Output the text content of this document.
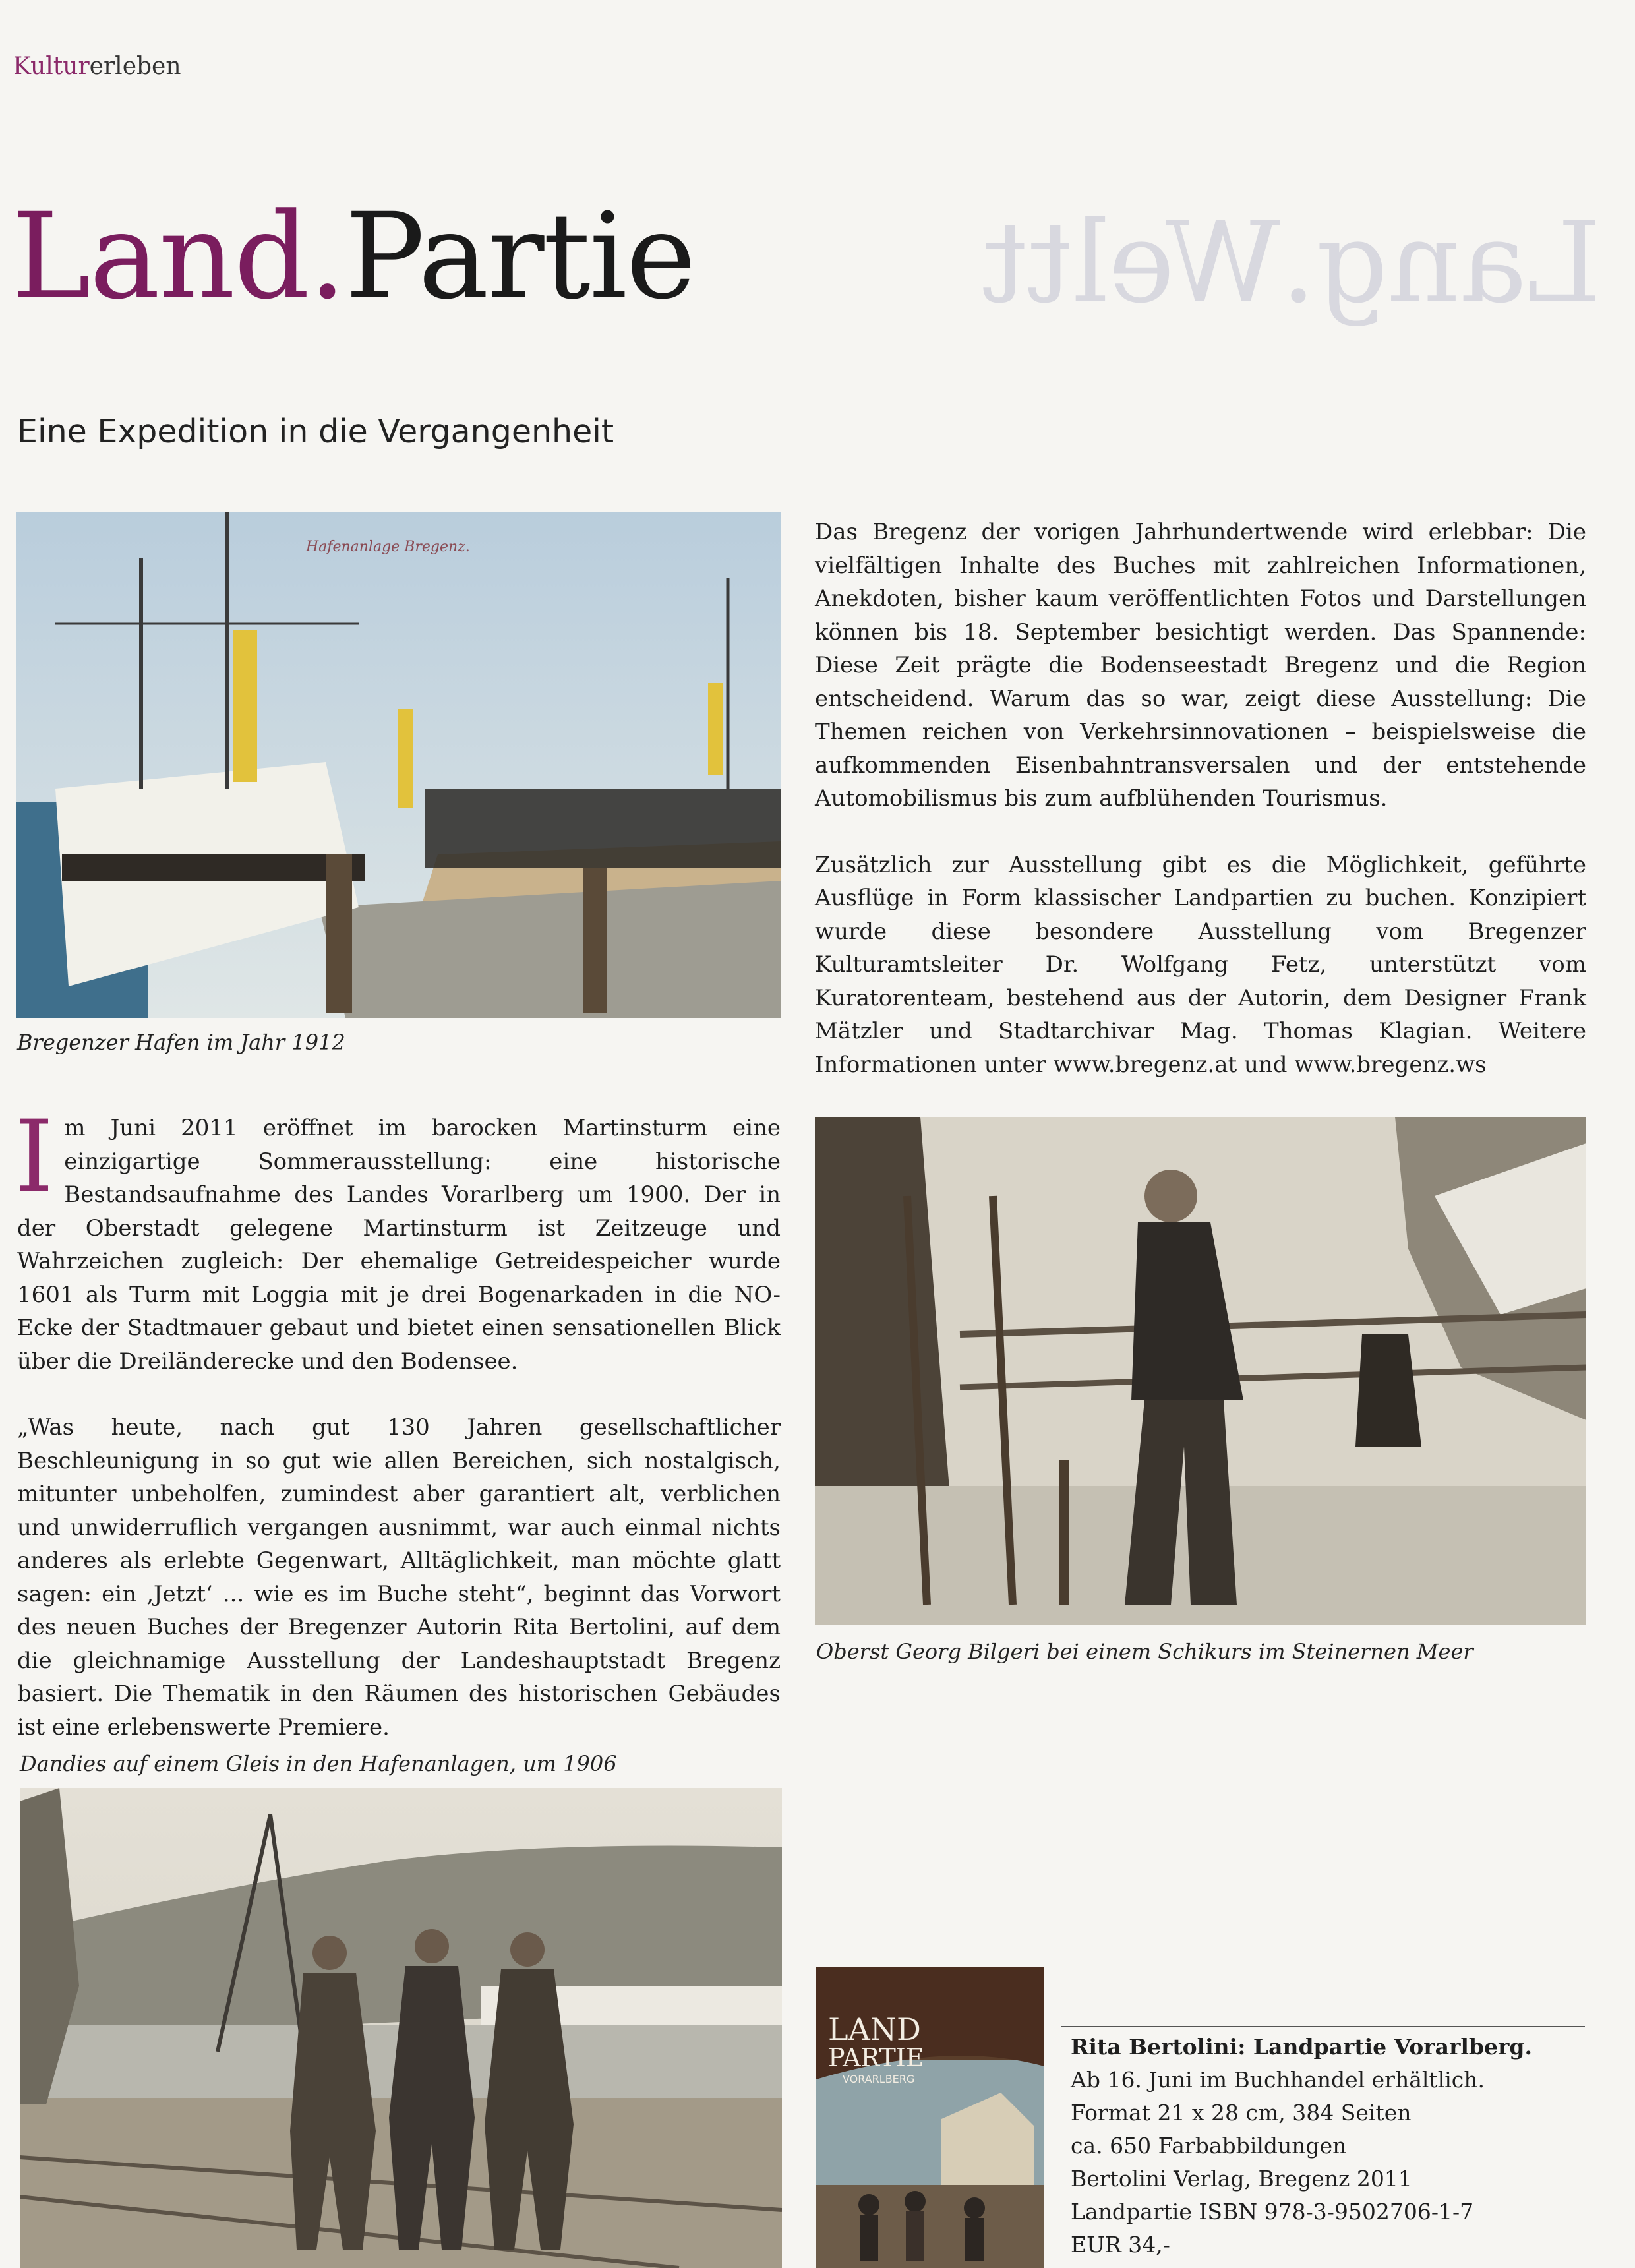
Lang.Weltt
Kulturerleben
Land.Partie
Eine Expedition in die Vergangenheit
Hafenanlage Bregenz.
Bregenzer Hafen im Jahr 1912

Im Juni 2011 eröffnet im barocken Martinsturm eine einzigartige Sommerausstellung: eine historische Bestandsaufnahme des Landes Vorarlberg um 1900. Der in der Oberstadt gelegene Martinsturm ist Zeitzeuge und Wahrzeichen zugleich: Der ehemalige Getreidespeicher wurde 1601 als Turm mit Loggia mit je drei Bogenarkaden in die NO-Ecke der Stadtmauer gebaut und bietet einen sensationellen Blick über die Dreiländerecke und den Bodensee.

„Was heute, nach gut 130 Jahren gesellschaftlicher Beschleunigung in so gut wie allen Bereichen, sich nostalgisch, mitunter unbeholfen, zumindest aber garantiert alt, verblichen und unwiderruflich vergangen ausnimmt, war auch einmal nichts anderes als erlebte Gegenwart, Alltäglichkeit, man möchte glatt sagen: ein ‚Jetzt‘ ... wie es im Buche steht“, beginnt das Vorwort des neuen Buches der Bregenzer Autorin Rita Bertolini, auf dem die gleichnamige Ausstellung der Landeshauptstadt Bregenz basiert. Die Thematik in den Räumen des historischen Gebäudes ist eine erlebenswerte Premiere.

Das Bregenz der vorigen Jahrhundertwende wird erlebbar: Die vielfältigen Inhalte des Buches mit zahlreichen Informationen, Anekdoten, bisher kaum veröffentlichten Fotos und Darstellungen können bis 18. September besichtigt werden. Das Spannende: Diese Zeit prägte die Bodenseestadt Bregenz und die Region entscheidend. Warum das so war, zeigt diese Ausstellung: Die Themen reichen von Verkehrsinnovationen – beispielsweise die aufkommenden Eisenbahntransversalen und der entstehende Automobilismus bis zum aufblühenden Tourismus.

Zusätzlich zur Ausstellung gibt es die Möglichkeit, geführte Ausflüge in Form klassischer Landpartien zu buchen. Konzipiert wurde diese besondere Ausstellung vom Bregenzer Kulturamtsleiter Dr. Wolfgang Fetz, unterstützt vom Kuratorenteam, bestehend aus der Autorin, dem Designer Frank Mätzler und Stadtarchivar Mag. Thomas Klagian. Weitere Informationen unter www.bregenz.at und www.bregenz.ws

Oberst Georg Bilgeri bei einem Schikurs im Steinernen Meer
Dandies auf einem Gleis in den Hafenanlagen, um 1906
LAND
PARTIE
VORARLBERG
Rita Bertolini: Landpartie Vorarlberg.
Ab 16. Juni im Buchhandel erhältlich.
Format 21 x 28 cm, 384 Seiten
ca. 650 Farbabbildungen
Bertolini Verlag, Bregenz 2011
Landpartie ISBN 978-3-9502706-1-7
EUR 34,-
